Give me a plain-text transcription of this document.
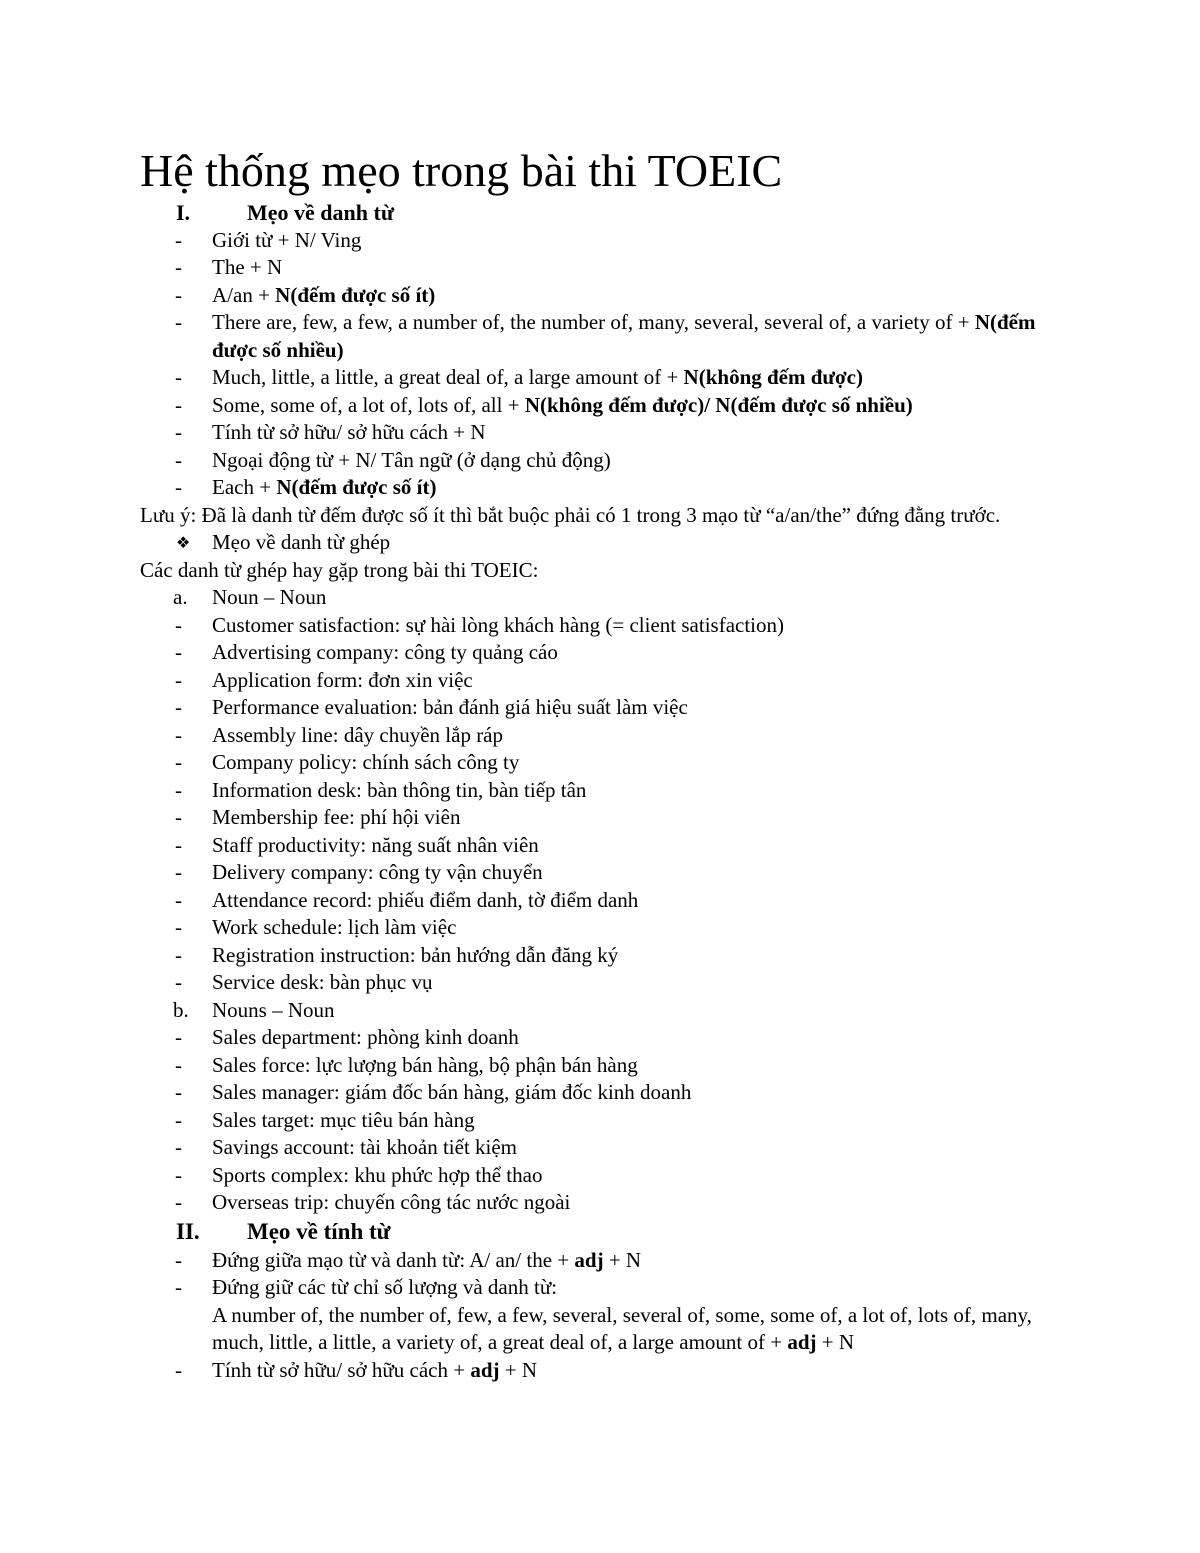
Hệ thống mẹo trong bài thi TOEIC
I.	Mẹo về danh từ
- Giới từ + N/ Ving
- The + N
- A/an + N(đếm được số ít)
- There are, few, a few, a number of, the number of, many, several, several of, a variety of + N(đếm được số nhiều)
- Much, little, a little, a great deal of, a large amount of + N(không đếm được)
- Some, some of, a lot of, lots of, all + N(không đếm được)/ N(đếm được số nhiều)
- Tính từ sở hữu/ sở hữu cách + N
- Ngoại động từ + N/ Tân ngữ (ở dạng chủ động)
- Each + N(đếm được số ít)
Lưu ý: Đã là danh từ đếm được số ít thì bắt buộc phải có 1 trong 3 mạo từ “a/an/the” đứng đằng trước.
❖ Mẹo về danh từ ghép
Các danh từ ghép hay gặp trong bài thi TOEIC:
a. Noun – Noun
- Customer satisfaction: sự hài lòng khách hàng (= client satisfaction)
- Advertising company: công ty quảng cáo
- Application form: đơn xin việc
- Performance evaluation: bản đánh giá hiệu suất làm việc
- Assembly line: dây chuyền lắp ráp
- Company policy: chính sách công ty
- Information desk: bàn thông tin, bàn tiếp tân
- Membership fee: phí hội viên
- Staff productivity: năng suất nhân viên
- Delivery company: công ty vận chuyển
- Attendance record: phiếu điểm danh, tờ điểm danh
- Work schedule: lịch làm việc
- Registration instruction: bản hướng dẫn đăng ký
- Service desk: bàn phục vụ
b. Nouns – Noun
- Sales department: phòng kinh doanh
- Sales force: lực lượng bán hàng, bộ phận bán hàng
- Sales manager: giám đốc bán hàng, giám đốc kinh doanh
- Sales target: mục tiêu bán hàng
- Savings account: tài khoản tiết kiệm
- Sports complex: khu phức hợp thể thao
- Overseas trip: chuyến công tác nước ngoài
II. Mẹo về tính từ
- Đứng giữa mạo từ và danh từ: A/ an/ the + adj + N
- Đứng giữ các từ chỉ số lượng và danh từ:
A number of, the number of, few, a few, several, several of, some, some of, a lot of, lots of, many, much, little, a little, a variety of, a great deal of, a large amount of + adj + N
- Tính từ sở hữu/ sở hữu cách + adj + N
